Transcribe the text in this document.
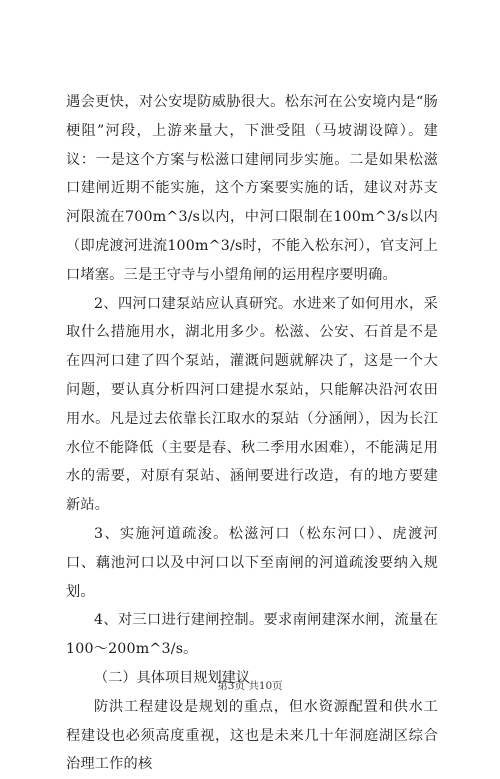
遇会更快，对公安堤防威胁很大。松东河在公安境内是“肠梗阻”河段，上游来量大，下泄受阻（马坡湖设障）。建议：一是这个方案与松滋口建闸同步实施。二是如果松滋口建闸近期不能实施，这个方案要实施的话，建议对苏支河限流在700m^3/s以内，中河口限制在100m^3/s以内（即虎渡河进流100m^3/s时，不能入松东河），官支河上口堵塞。三是王守寺与小望角闸的运用程序要明确。

2、四河口建泵站应认真研究。水进来了如何用水，采取什么措施用水，湖北用多少。松滋、公安、石首是不是在四河口建了四个泵站，灌溉问题就解决了，这是一个大问题，要认真分析四河口建提水泵站，只能解决沿河农田用水。凡是过去依靠长江取水的泵站（分涵闸），因为长江水位不能降低（主要是春、秋二季用水困难），不能满足用水的需要，对原有泵站、涵闸要进行改造，有的地方要建新站。

3、实施河道疏浚。松滋河口（松东河口）、虎渡河口、藕池河口以及中河口以下至南闸的河道疏浚要纳入规划。

4、对三口进行建闸控制。要求南闸建深水闸，流量在100～200m^3/s。

（二）具体项目规划建议

防洪工程建设是规划的重点，但水资源配置和供水工程建设也必须高度重视，这也是未来几十年洞庭湖区综合治理工作的核

第3页 共10页
